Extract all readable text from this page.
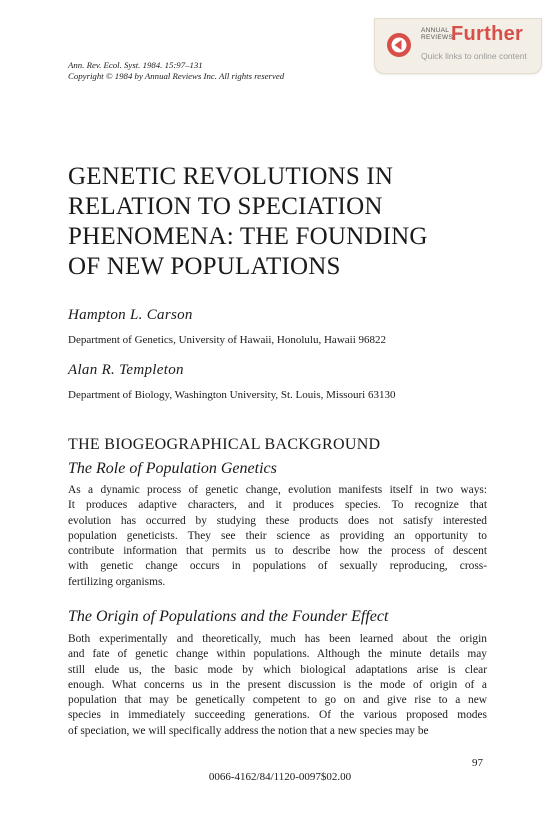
ANNUAL
REVIEWS
Further
Quick links to online content
Ann. Rev. Ecol. Syst. 1984. 15:97–131
Copyright © 1984 by Annual Reviews Inc. All rights reserved
GENETIC REVOLUTIONS IN
RELATION TO SPECIATION
PHENOMENA: THE FOUNDING
OF NEW POPULATIONS
Hampton L. Carson
Department of Genetics, University of Hawaii, Honolulu, Hawaii 96822
Alan R. Templeton
Department of Biology, Washington University, St. Louis, Missouri 63130
THE BIOGEOGRAPHICAL BACKGROUND
The Role of Population Genetics
As a dynamic process of genetic change, evolution manifests itself in two ways:
It produces adaptive characters, and it produces species. To recognize that
evolution has occurred by studying these products does not satisfy interested
population geneticists. They see their science as providing an opportunity to
contribute information that permits us to describe how the process of descent
with genetic change occurs in populations of sexually reproducing, cross-
fertilizing organisms.
The Origin of Populations and the Founder Effect
Both experimentally and theoretically, much has been learned about the origin
and fate of genetic change within populations. Although the minute details may
still elude us, the basic mode by which biological adaptations arise is clear
enough. What concerns us in the present discussion is the mode of origin of a
population that may be genetically competent to go on and give rise to a new
species in immediately succeeding generations. Of the various proposed modes
of speciation, we will specifically address the notion that a new species may be
97
0066-4162/84/1120-0097$02.00
